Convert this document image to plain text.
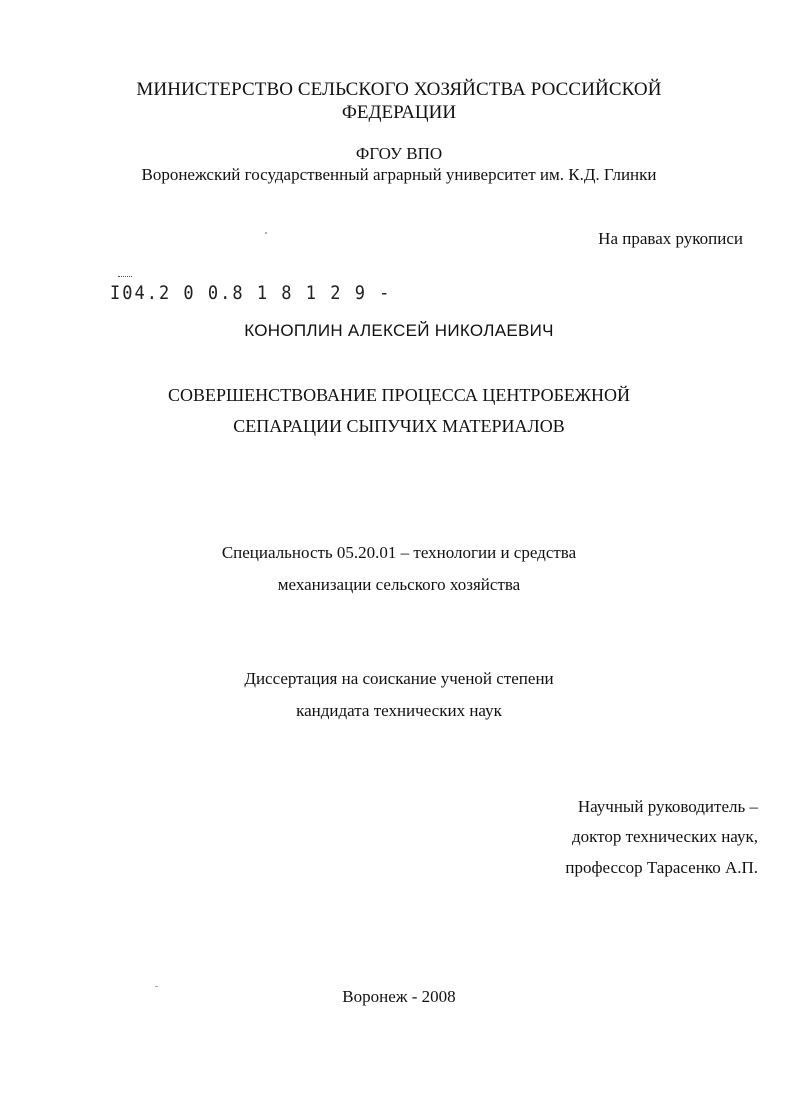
МИНИСТЕРСТВО СЕЛЬСКОГО ХОЗЯЙСТВА РОССИЙСКОЙ
ФЕДЕРАЦИИ
ФГОУ ВПО
Воронежский государственный аграрный университет им. К.Д. Глинки
На правах рукописи
I04.2 0 0.8 1 8 1 2 9 -
КОНОПЛИН АЛЕКСЕЙ НИКОЛАЕВИЧ
СОВЕРШЕНСТВОВАНИЕ ПРОЦЕССА ЦЕНТРОБЕЖНОЙ
СЕПАРАЦИИ СЫПУЧИХ МАТЕРИАЛОВ
Специальность 05.20.01 – технологии и средства
механизации сельского хозяйства
Диссертация на соискание ученой степени
кандидата технических наук
Научный руководитель –
доктор технических наук,
профессор Тарасенко А.П.
Воронеж - 2008
